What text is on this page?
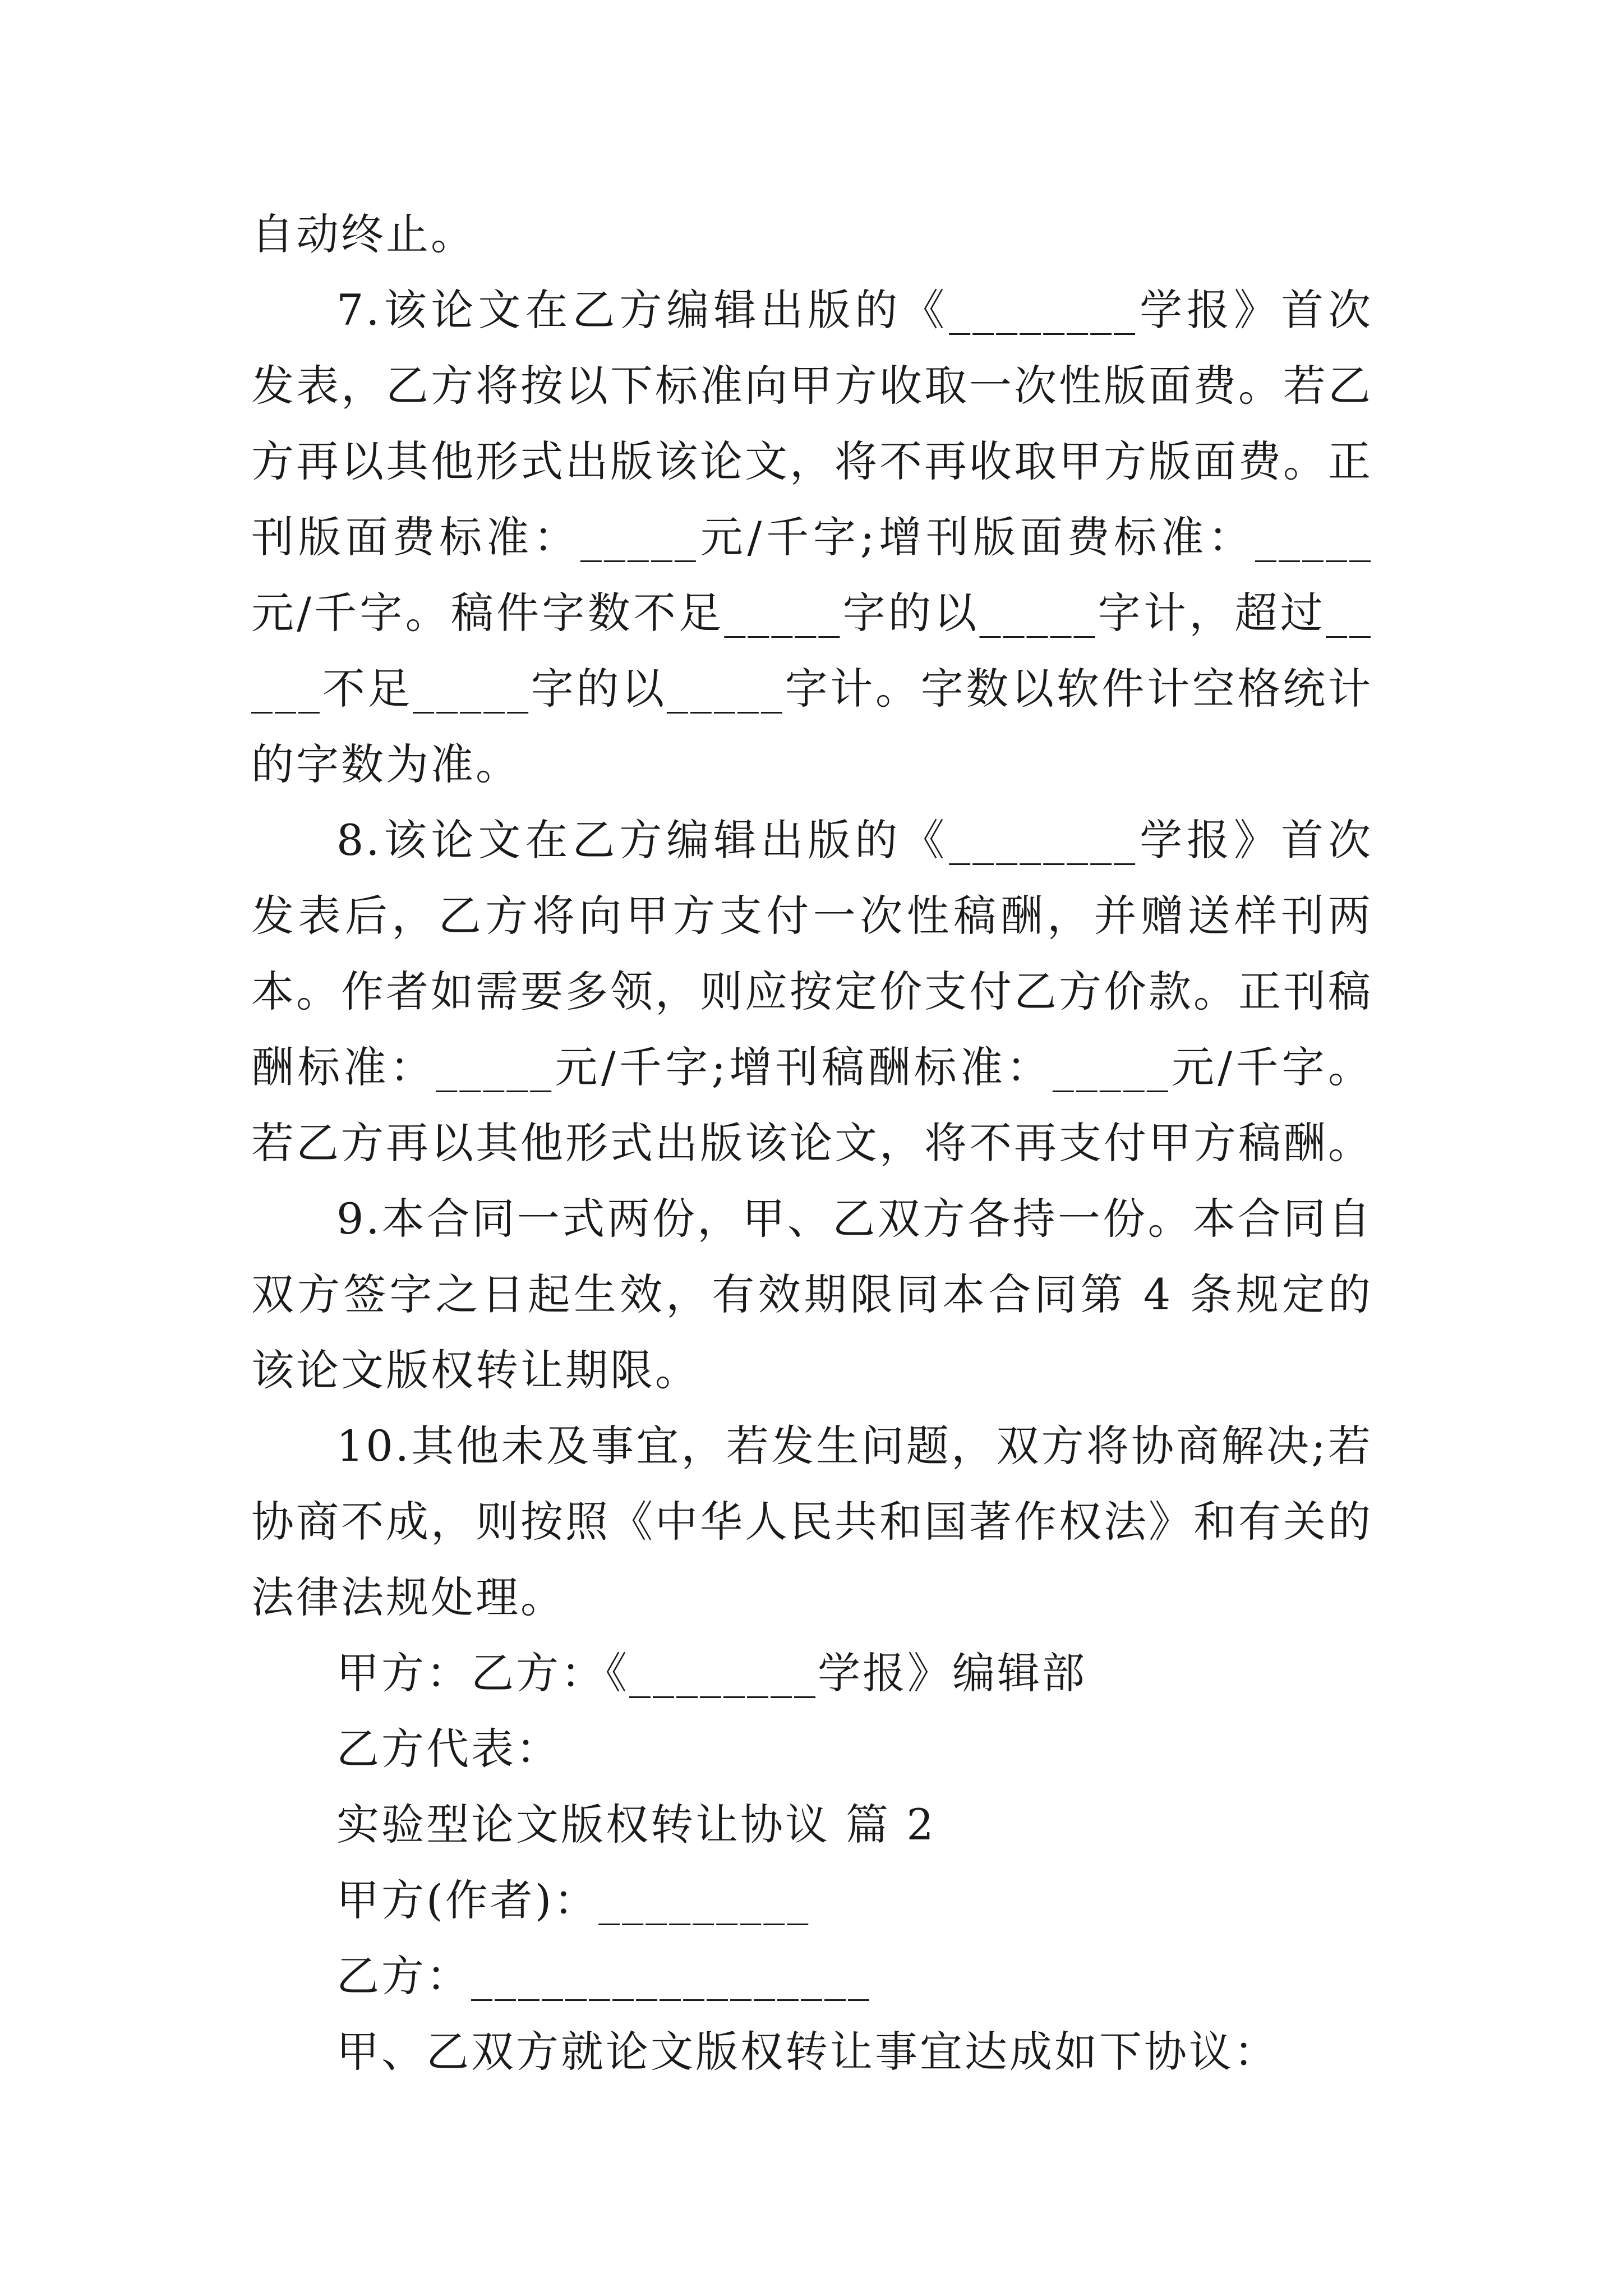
自动终止。

7.该论文在乙方编辑出版的《________学报》首次发表，乙方将按以下标准向甲方收取一次性版面费。若乙方再以其他形式出版该论文，将不再收取甲方版面费。正刊版面费标准：_____元/千字;增刊版面费标准：_____元/千字。稿件字数不足_____字的以_____字计，超过_____不足_____字的以_____字计。字数以软件计空格统计的字数为准。

8.该论文在乙方编辑出版的《________学报》首次发表后，乙方将向甲方支付一次性稿酬，并赠送样刊两本。作者如需要多领，则应按定价支付乙方价款。正刊稿酬标准：_____元/千字;增刊稿酬标准：_____元/千字。若乙方再以其他形式出版该论文，将不再支付甲方稿酬。

9.本合同一式两份，甲、乙双方各持一份。本合同自双方签字之日起生效，有效期限同本合同第 4 条规定的该论文版权转让期限。

10.其他未及事宜，若发生问题，双方将协商解决;若协商不成，则按照《中华人民共和国著作权法》和有关的法律法规处理。

甲方：乙方：《________学报》编辑部

乙方代表：

实验型论文版权转让协议 篇 2

甲方(作者)：_________

乙方：_________________

甲、乙双方就论文版权转让事宜达成如下协议：
